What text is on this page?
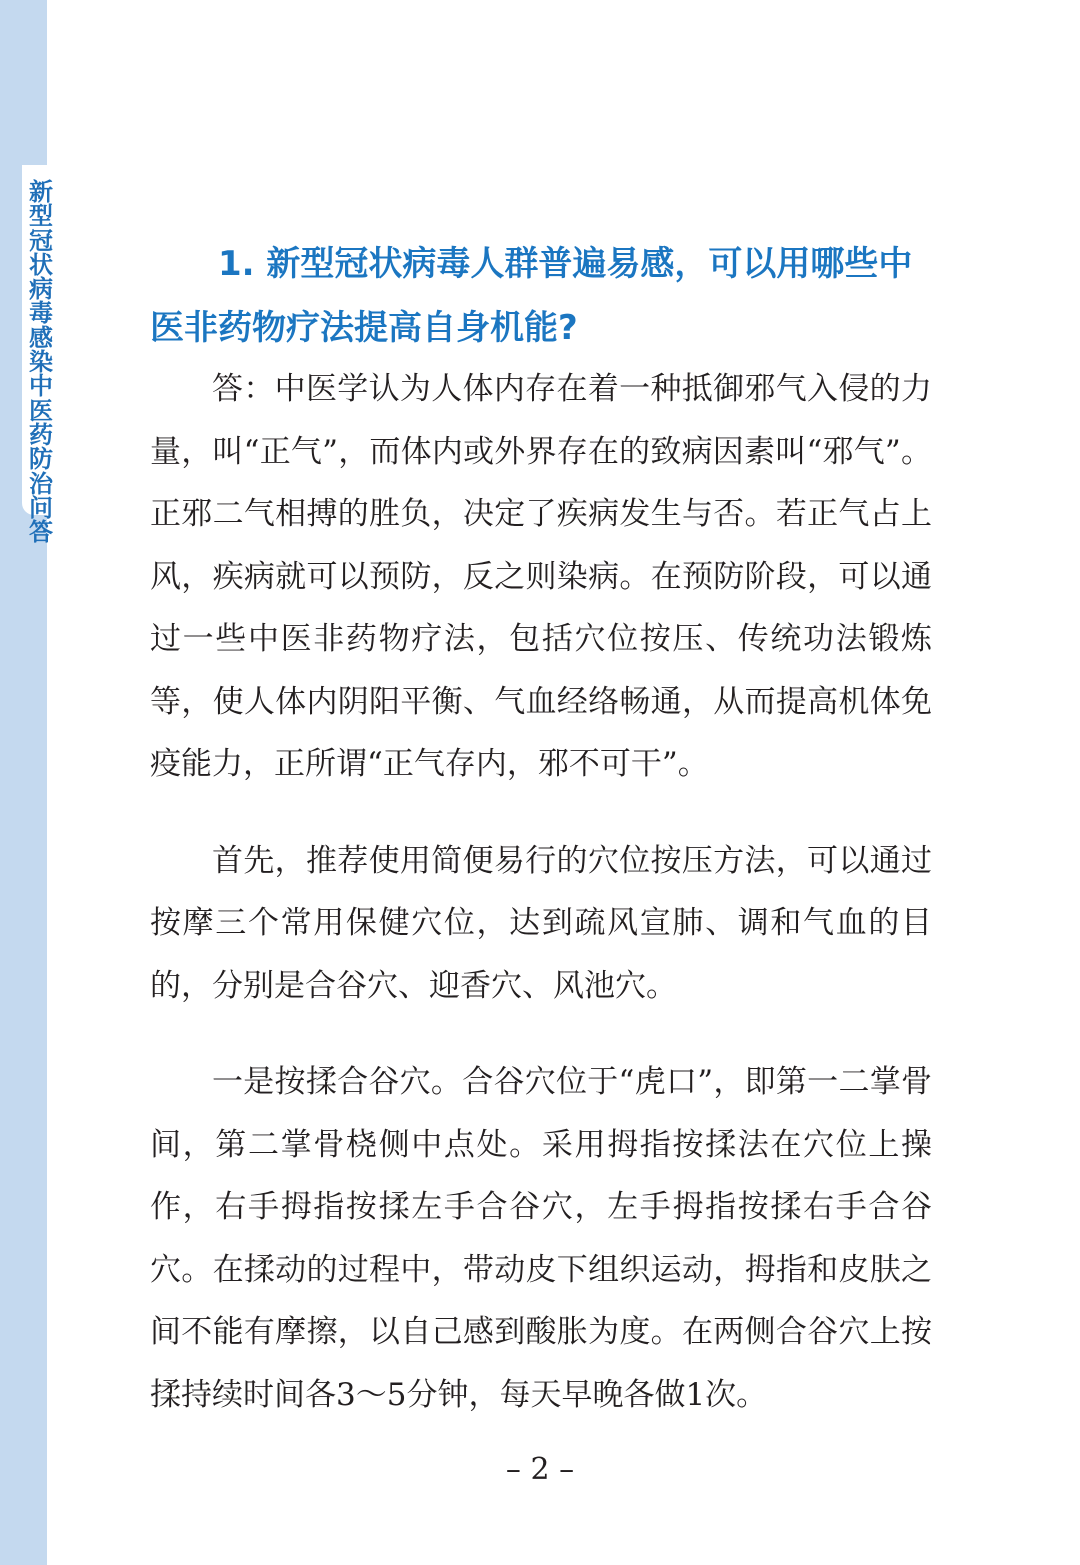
新型冠状病毒感染中医药防治问答
1. 新型冠状病毒人群普遍易感，可以用哪些中
医非药物疗法提高自身机能?

答：中医学认为人体内存在着一种抵御邪气入侵的力量，叫“正气”，而体内或外界存在的致病因素叫“邪气”。正邪二气相搏的胜负，决定了疾病发生与否。若正气占上风，疾病就可以预防，反之则染病。在预防阶段，可以通过一些中医非药物疗法，包括穴位按压、传统功法锻炼等，使人体内阴阳平衡、气血经络畅通，从而提高机体免疫能力，正所谓“正气存内，邪不可干”。

首先，推荐使用简便易行的穴位按压方法，可以通过按摩三个常用保健穴位，达到疏风宣肺、调和气血的目的，分别是合谷穴、迎香穴、风池穴。

一是按揉合谷穴。合谷穴位于“虎口”，即第一二掌骨间，第二掌骨桡侧中点处。采用拇指按揉法在穴位上操作，右手拇指按揉左手合谷穴，左手拇指按揉右手合谷穴。在揉动的过程中，带动皮下组织运动，拇指和皮肤之间不能有摩擦，以自己感到酸胀为度。在两侧合谷穴上按揉持续时间各3～5分钟，每天早晚各做1次。

– 2 –
